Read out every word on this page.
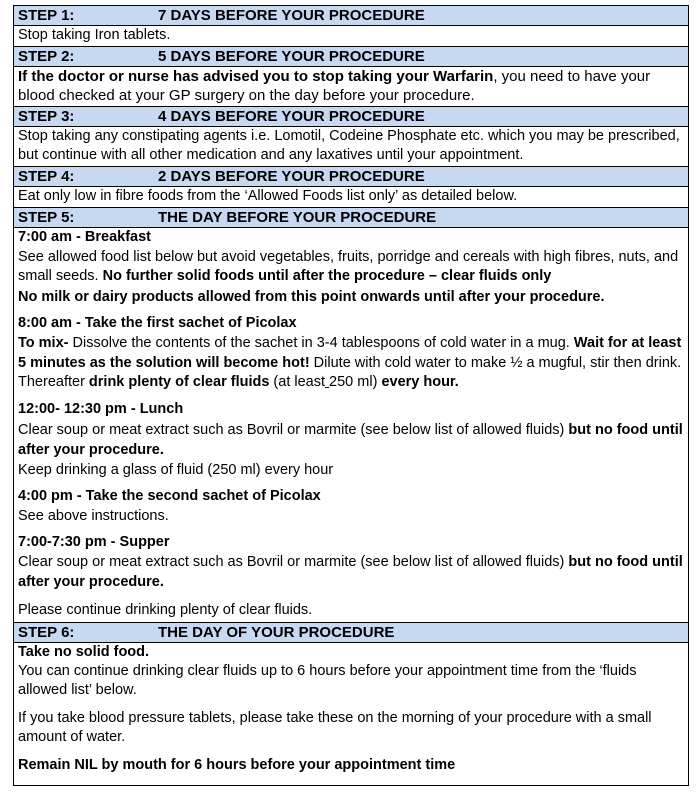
STEP 1:	7 DAYS BEFORE YOUR PROCEDURE
Stop taking Iron tablets.
STEP 2:	5 DAYS BEFORE YOUR PROCEDURE
If the doctor or nurse has advised you to stop taking your Warfarin, you need to have your blood checked at your GP surgery on the day before your procedure.
STEP 3:	4 DAYS BEFORE YOUR PROCEDURE
Stop taking any constipating agents i.e. Lomotil, Codeine Phosphate etc. which you may be prescribed, but continue with all other medication and any laxatives until your appointment.
STEP 4:	2 DAYS BEFORE YOUR PROCEDURE
Eat only low in fibre foods from the ‘Allowed Foods list only’ as detailed below.
STEP 5:	THE DAY BEFORE YOUR PROCEDURE

7:00 am - Breakfast
See allowed food list below but avoid vegetables, fruits, porridge and cereals with high fibres, nuts, and small seeds. No further solid foods until after the procedure – clear fluids only
No milk or dairy products allowed from this point onwards until after your procedure.
8:00 am - Take the first sachet of Picolax
To mix- Dissolve the contents of the sachet in 3-4 tablespoons of cold water in a mug. Wait for at least 5 minutes as the solution will become hot! Dilute with cold water to make ½ a mugful, stir then drink.
Thereafter drink plenty of clear fluids (at least 250 ml) every hour.
12:00- 12:30 pm - Lunch
Clear soup or meat extract such as Bovril or marmite (see below list of allowed fluids) but no food until after your procedure.
Keep drinking a glass of fluid (250 ml) every hour
4:00 pm - Take the second sachet of Picolax
See above instructions.
7:00-7:30 pm - Supper
Clear soup or meat extract such as Bovril or marmite (see below list of allowed fluids) but no food until after your procedure.
Please continue drinking plenty of clear fluids.

STEP 6:	THE DAY OF YOUR PROCEDURE

Take no solid food.
You can continue drinking clear fluids up to 6 hours before your appointment time from the ‘fluids allowed list’ below.
If you take blood pressure tablets, please take these on the morning of your procedure with a small amount of water.
Remain NIL by mouth for 6 hours before your appointment time
